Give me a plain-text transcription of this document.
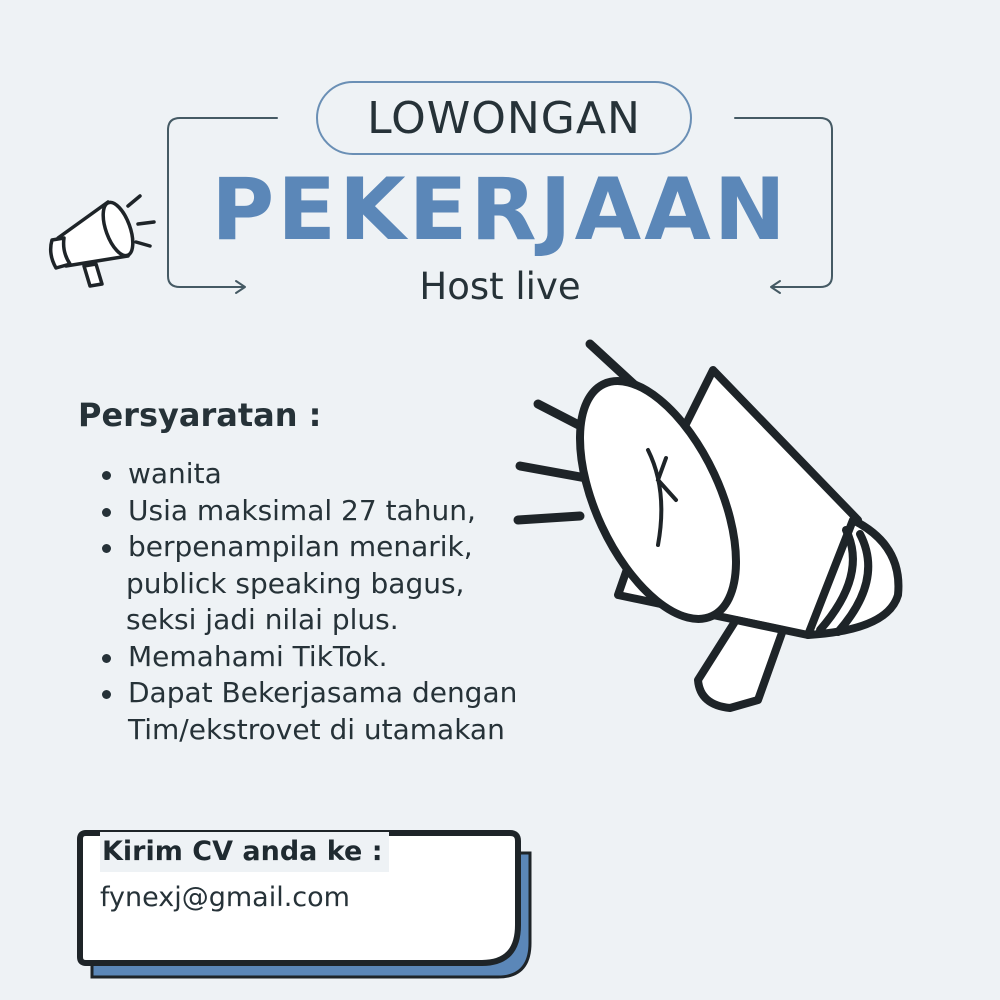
LOWONGAN
PEKERJAAN
Host live
Persyaratan :
wanita
Usia maksimal 27 tahun,
berpenampilan menarik,
publick speaking bagus,
seksi jadi nilai plus.
Memahami TikTok.
Dapat Bekerjasama dengan
Tim/ekstrovet di utamakan
Kirim CV anda ke :
fynexj@gmail.com
